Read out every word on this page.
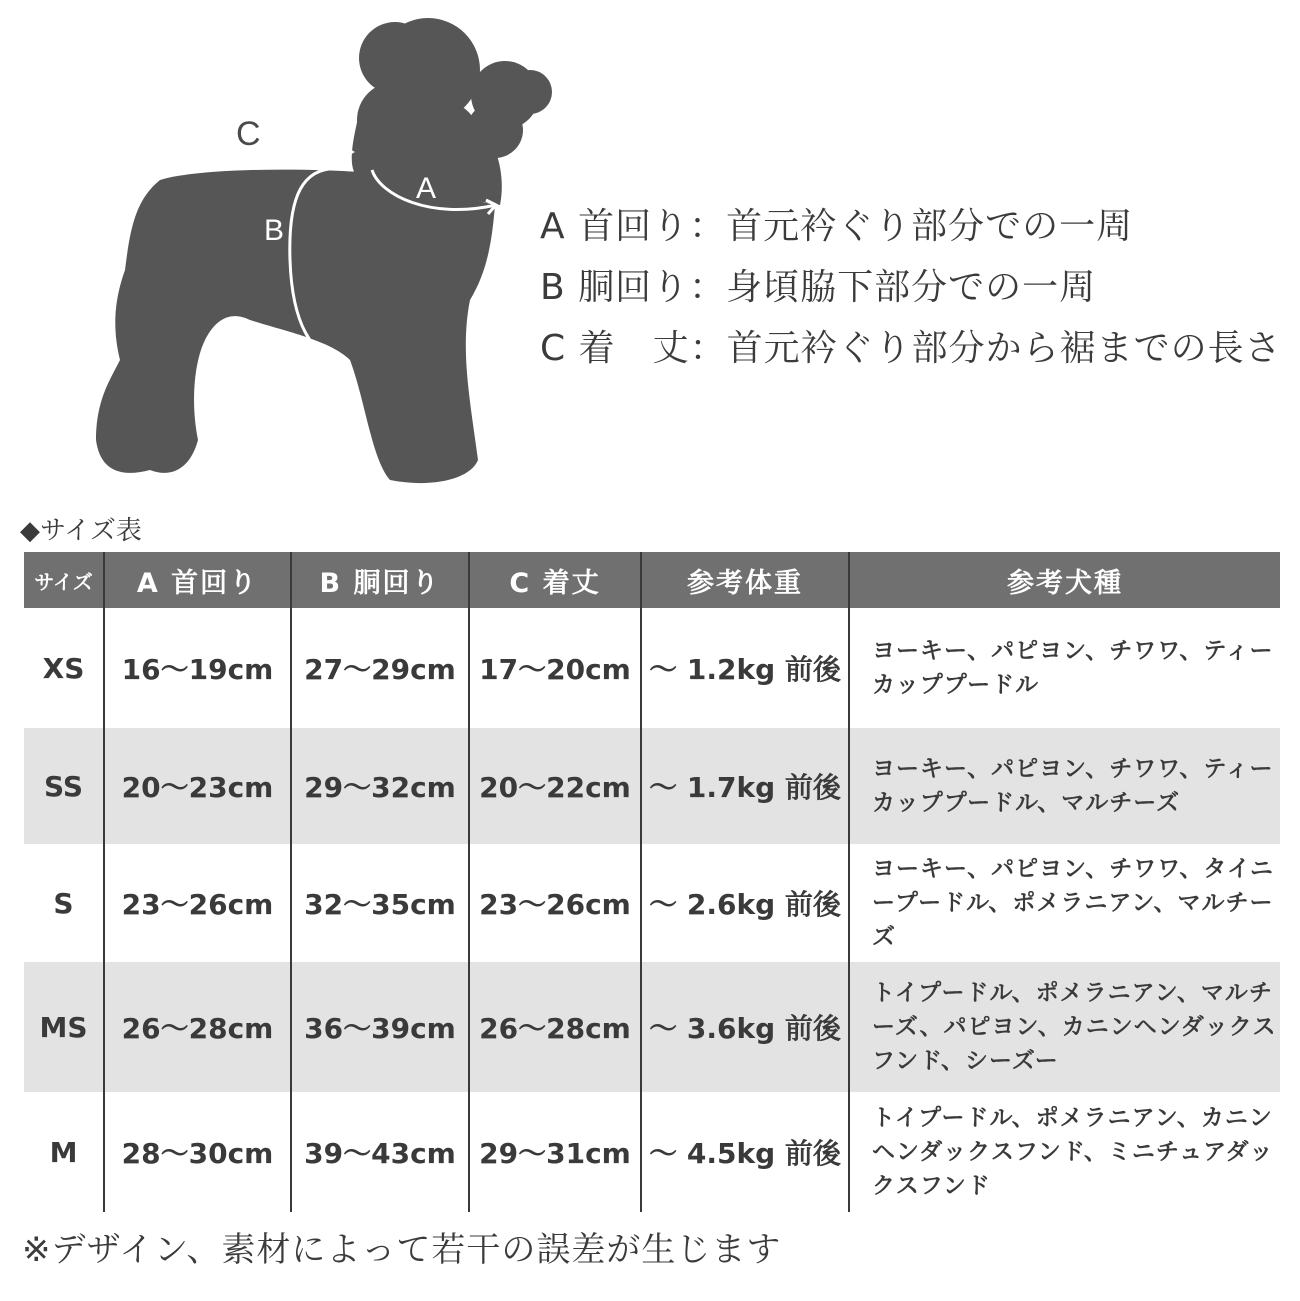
C
B
A
A 首回り：首元衿ぐり部分での一周
B 胴回り：身頃脇下部分での一周
C 着　丈：首元衿ぐり部分から裾までの長さ
◆サイズ表
サイズ	A 首回り	B 胴回り	C 着丈	参考体重	参考犬種
XS	16～19cm	27～29cm	17～20cm	～ 1.2kg 前後	ヨーキー、パピヨン、チワワ、ティーカッププードル
SS	20～23cm	29～32cm	20～22cm	～ 1.7kg 前後	ヨーキー、パピヨン、チワワ、ティーカッププードル、マルチーズ
S	23～26cm	32～35cm	23～26cm	～ 2.6kg 前後	ヨーキー、パピヨン、チワワ、タイニープードル、ポメラニアン、マルチーズ
MS	26～28cm	36～39cm	26～28cm	～ 3.6kg 前後	トイプードル、ポメラニアン、マルチーズ、パピヨン、カニンヘンダックスフンド、シーズー
M	28～30cm	39～43cm	29～31cm	～ 4.5kg 前後	トイプードル、ポメラニアン、カニンヘンダックスフンド、ミニチュアダックスフンド
※デザイン、素材によって若干の誤差が生じます
